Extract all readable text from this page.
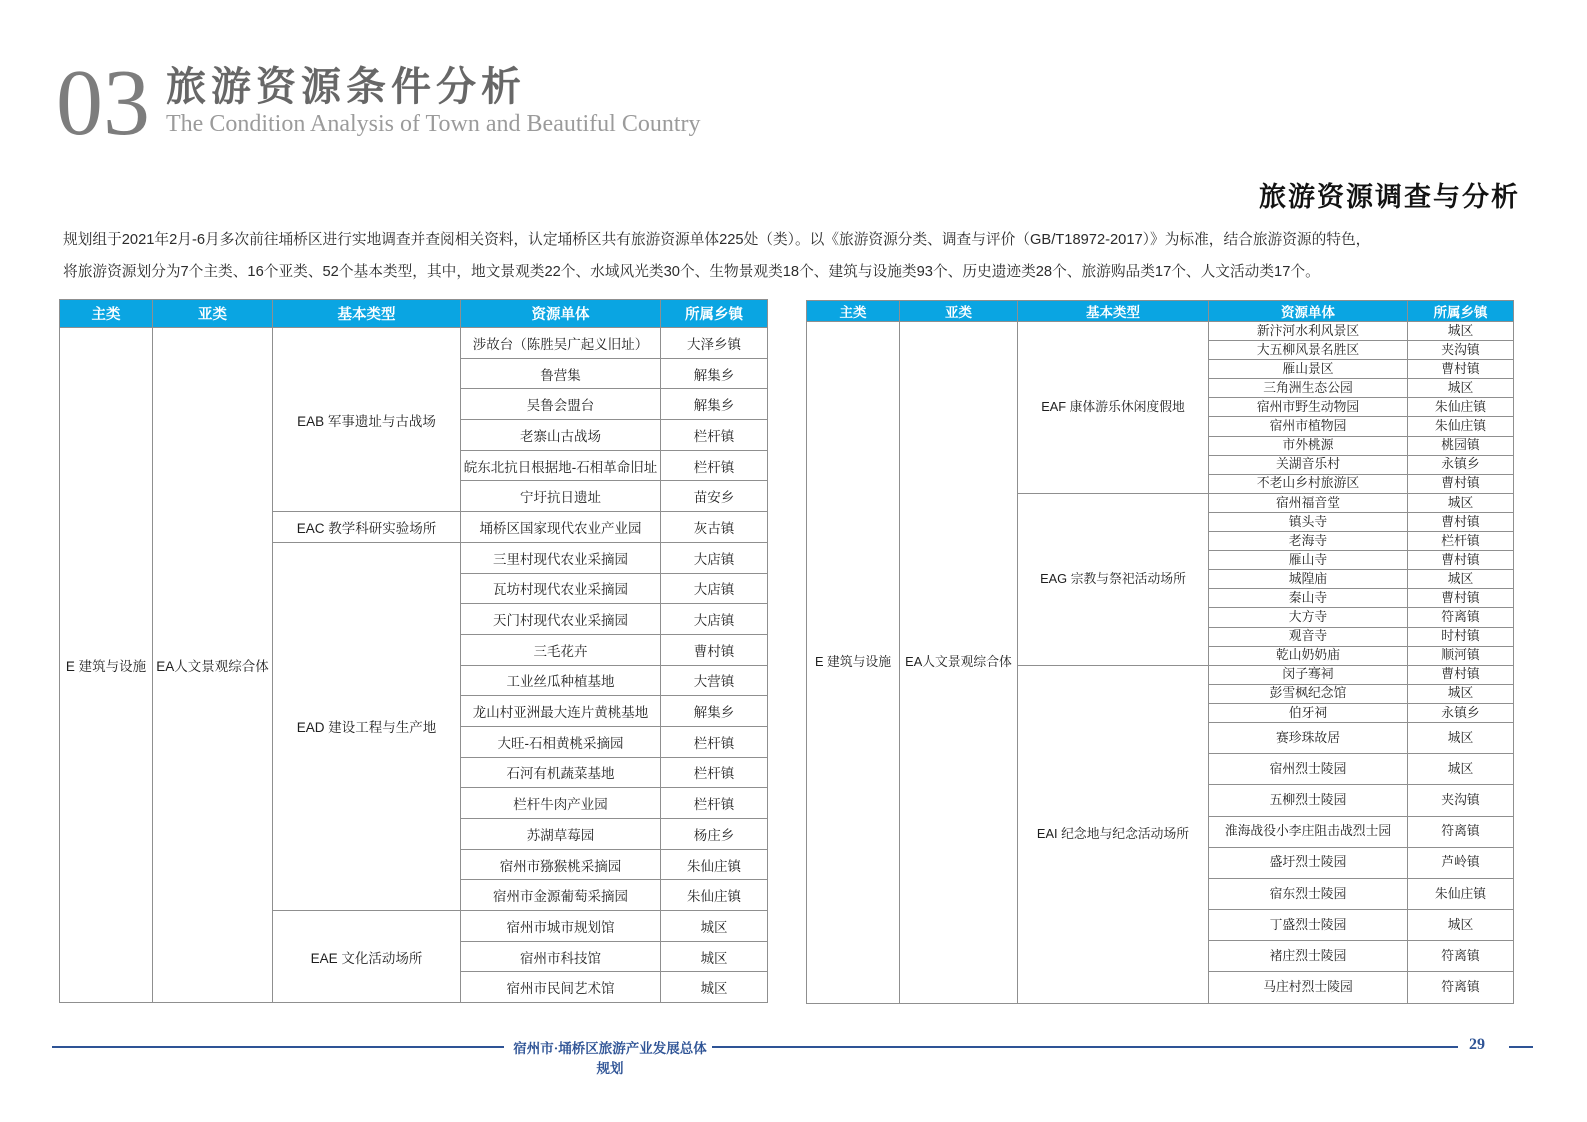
03 旅游资源条件分析
The Condition Analysis of Town and Beautiful Country
旅游资源调查与分析
规划组于2021年2月-6月多次前往埇桥区进行实地调查并查阅相关资料，认定埇桥区共有旅游资源单体225处（类）。以《旅游资源分类、调查与评价（GB/T18972-2017）》为标准，结合旅游资源的特色，
将旅游资源划分为7个主类、16个亚类、52个基本类型，其中，地文景观类22个、水域风光类30个、生物景观类18个、建筑与设施类93个、历史遗迹类28个、旅游购品类17个、人文活动类17个。
主类	亚类	基本类型	资源单体	所属乡镇
E 建筑与设施	EA人文景观综合体	EAB 军事遗址与古战场	涉故台（陈胜吴广起义旧址）	大泽乡镇
			鲁营集	解集乡
			吴鲁会盟台	解集乡
			老寨山古战场	栏杆镇
			皖东北抗日根据地-石相革命旧址	栏杆镇
			宁圩抗日遗址	苗安乡
		EAC 教学科研实验场所	埇桥区国家现代农业产业园	灰古镇
		EAD 建设工程与生产地	三里村现代农业采摘园	大店镇
			瓦坊村现代农业采摘园	大店镇
			天门村现代农业采摘园	大店镇
			三毛花卉	曹村镇
			工业丝瓜种植基地	大营镇
			龙山村亚洲最大连片黄桃基地	解集乡
			大旺-石相黄桃采摘园	栏杆镇
			石河有机蔬菜基地	栏杆镇
			栏杆牛肉产业园	栏杆镇
			苏湖草莓园	杨庄乡
			宿州市猕猴桃采摘园	朱仙庄镇
			宿州市金源葡萄采摘园	朱仙庄镇
		EAE 文化活动场所	宿州市城市规划馆	城区
			宿州市科技馆	城区
			宿州市民间艺术馆	城区
主类	亚类	基本类型	资源单体	所属乡镇
E 建筑与设施	EA人文景观综合体	EAF 康体游乐休闲度假地	新汴河水利风景区	城区
			大五柳风景名胜区	夹沟镇
			雁山景区	曹村镇
			三角洲生态公园	城区
			宿州市野生动物园	朱仙庄镇
			宿州市植物园	朱仙庄镇
			市外桃源	桃园镇
			关湖音乐村	永镇乡
			不老山乡村旅游区	曹村镇
		EAG 宗教与祭祀活动场所	宿州福音堂	城区
			镇头寺	曹村镇
			老海寺	栏杆镇
			雁山寺	曹村镇
			城隍庙	城区
			秦山寺	曹村镇
			大方寺	符离镇
			观音寺	时村镇
			乾山奶奶庙	顺河镇
		EAI 纪念地与纪念活动场所	闵子骞祠	曹村镇
			彭雪枫纪念馆	城区
			伯牙祠	永镇乡
			赛珍珠故居	城区
			宿州烈士陵园	城区
			五柳烈士陵园	夹沟镇
			淮海战役小李庄阻击战烈士园	符离镇
			盛圩烈士陵园	芦岭镇
			宿东烈士陵园	朱仙庄镇
			丁盛烈士陵园	城区
			褚庄烈士陵园	符离镇
			马庄村烈士陵园	符离镇
宿州市·埇桥区旅游产业发展总体规划
29
